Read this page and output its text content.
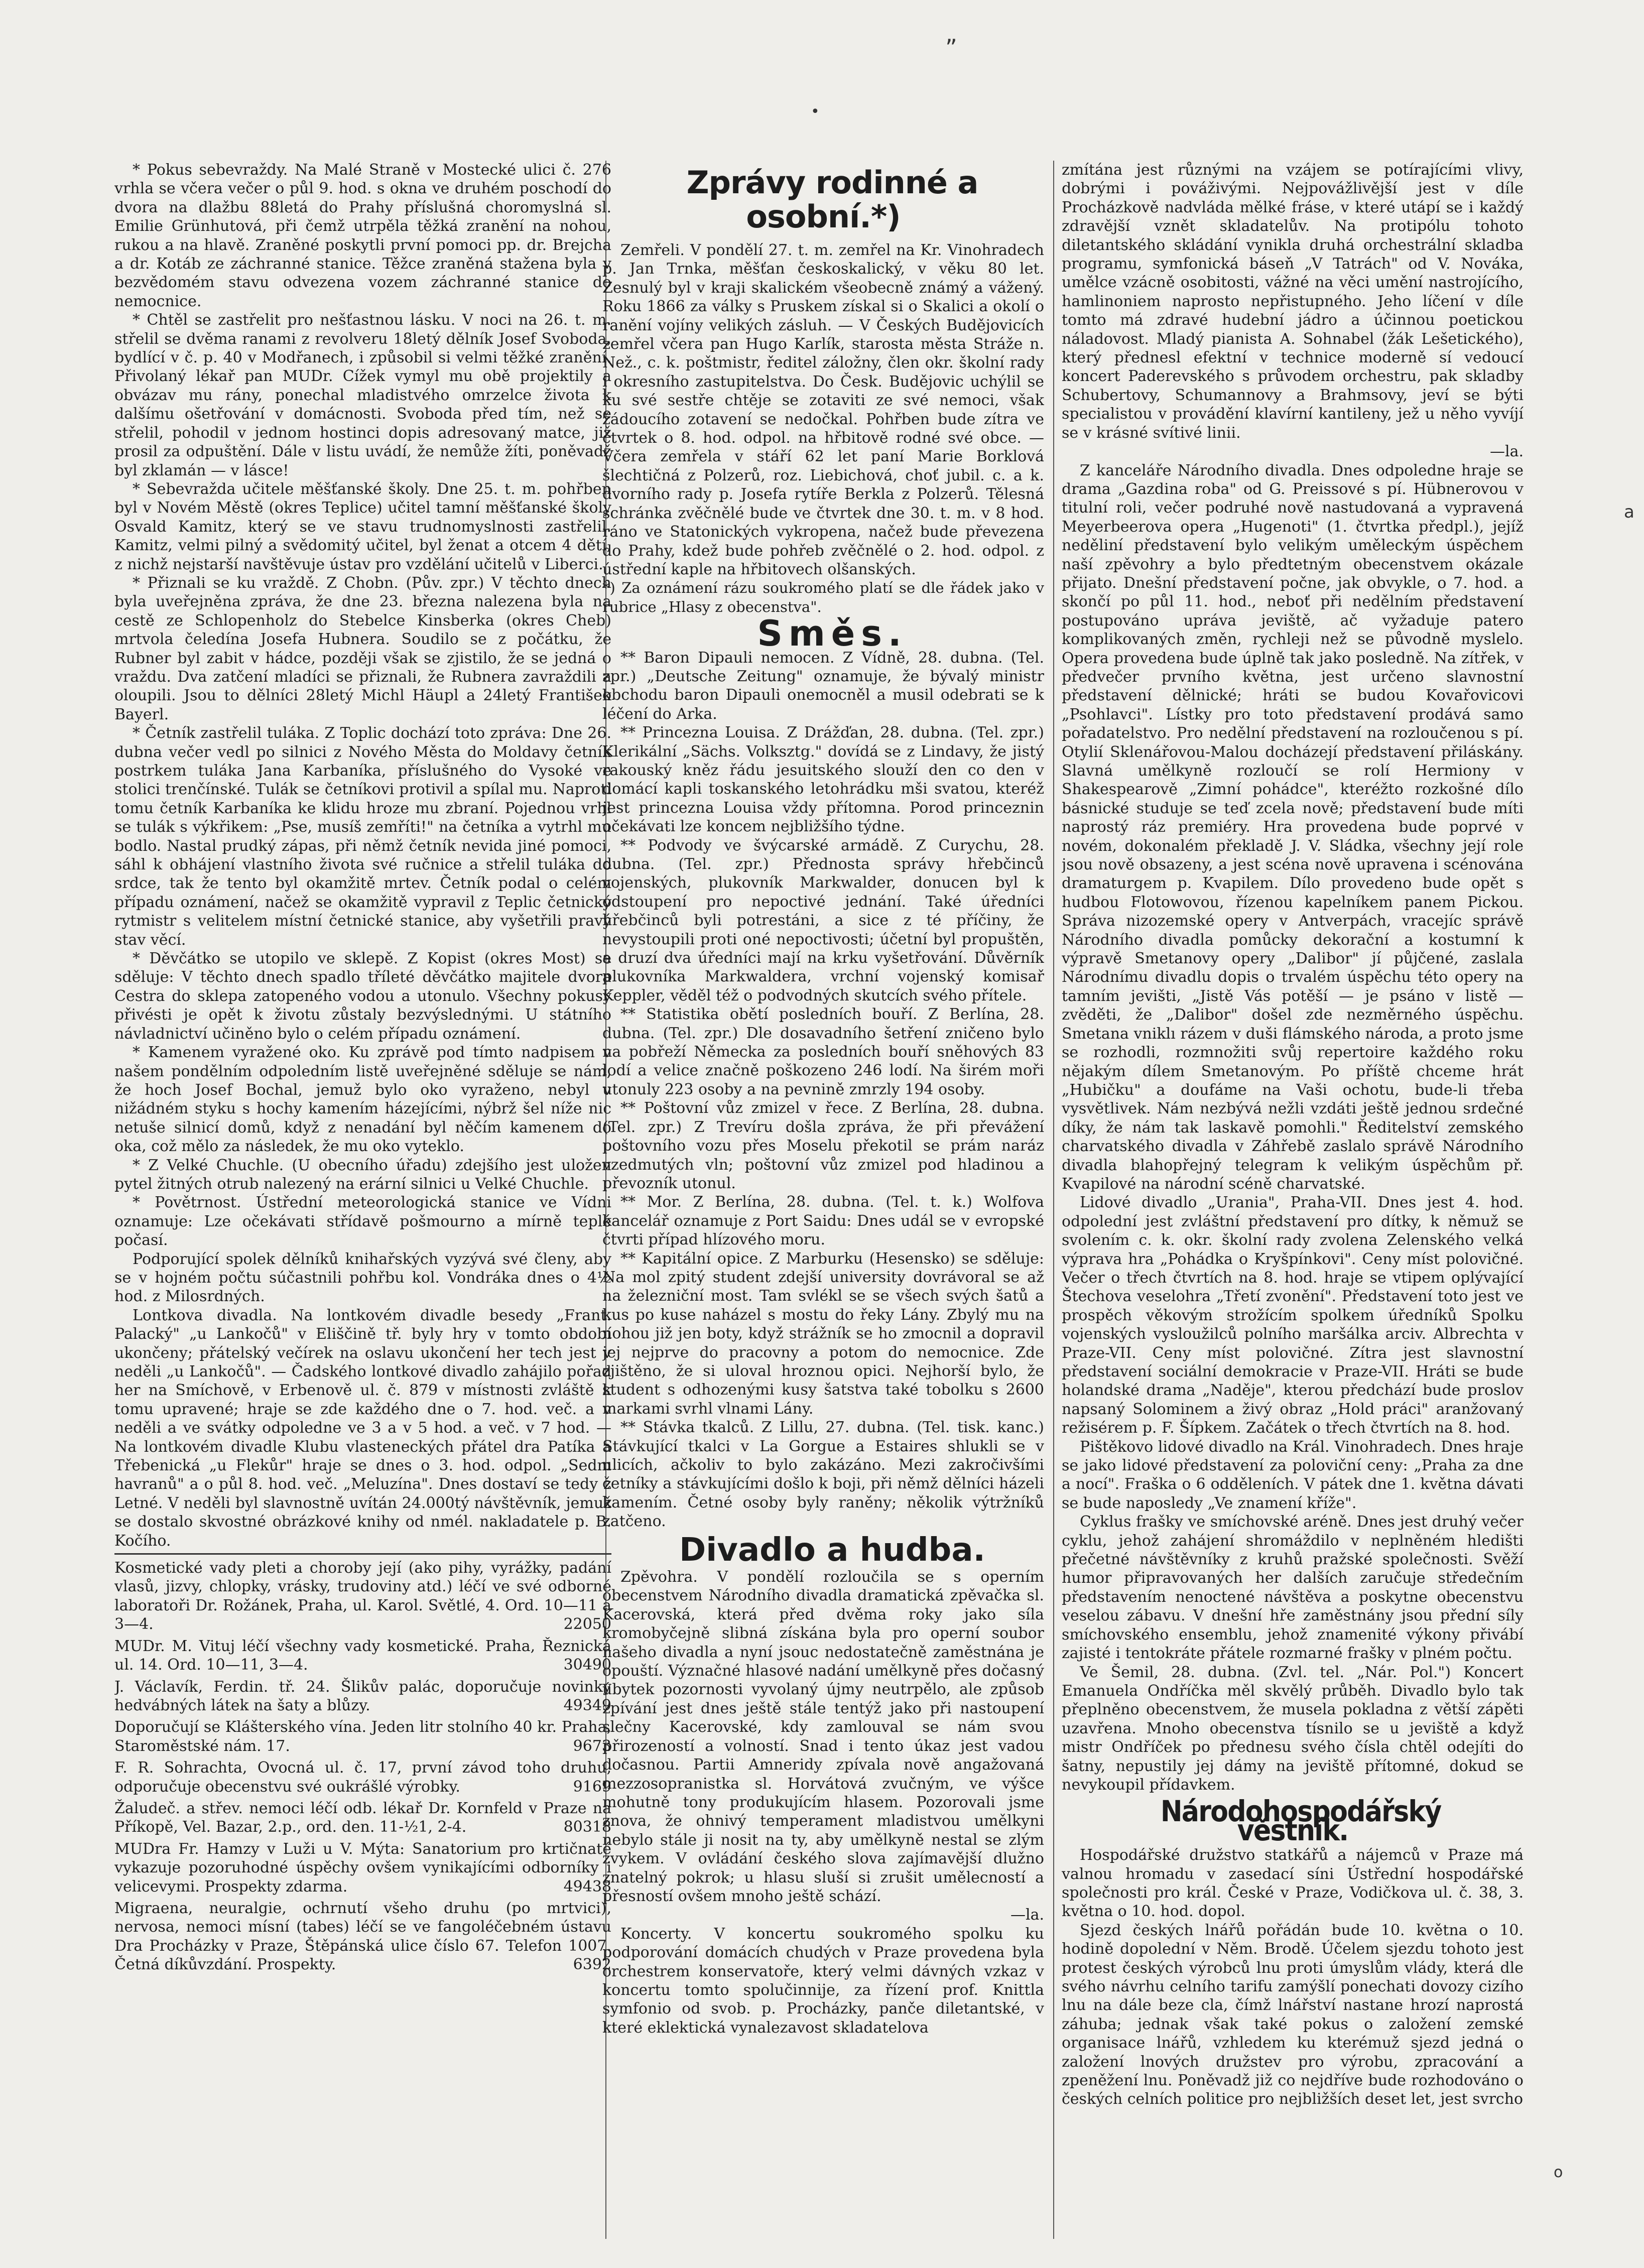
„
•
o
a

* Pokus sebevraždy. Na Malé Straně v Mostecké ulici č. 276 vrhla se včera večer o půl 9. hod. s okna ve druhém poschodí do dvora na dlažbu 88letá do Prahy příslušná choromyslná sl. Emilie Grünhutová, při čemž utrpěla těžká zranění na nohou, rukou a na hlavě. Zraněné poskytli první pomoci pp. dr. Brejcha a dr. Kotáb ze záchranné stanice. Těžce zraněná stažena byla v bezvědomém stavu odvezena vozem záchranné stanice do nemocnice.

* Chtěl se zastřelit pro nešťastnou lásku. V noci na 26. t. m. střelil se dvěma ranami z revolveru 18letý dělník Josef Svoboda, bydlící v č. p. 40 v Modřanech, i způsobil si velmi těžké zranění. Přivolaný lékař pan MUDr. Cížek vymyl mu obě projektily a obvázav mu rány, ponechal mladistvého omrzelce života k dalšímu ošetřování v domácnosti. Svoboda před tím, než se střelil, pohodil v jednom hostinci dopis adresovaný matce, již prosil za odpuštění. Dále v listu uvádí, že nemůže žíti, poněvadž byl zklamán — v lásce!

* Sebevražda učitele měšťanské školy. Dne 25. t. m. pohřben byl v Novém Městě (okres Teplice) učitel tamní měšťanské školy Osvald Kamitz, který se ve stavu trudnomyslnosti zastřelil. Kamitz, velmi pilný a svědomitý učitel, byl ženat a otcem 4 dětí, z nichž nejstarší navštěvuje ústav pro vzdělání učitelů v Liberci.

* Přiznali se ku vraždě. Z Chobn. (Pův. zpr.) V těchto dnech byla uveřejněna zpráva, že dne 23. března nalezena byla na cestě ze Schlopenholz do Stebelce Kinsberka (okres Cheb) mrtvola čeledína Josefa Hubnera. Soudilo se z počátku, že Rubner byl zabit v hádce, později však se zjistilo, že se jedná o vraždu. Dva zatčení mladíci se přiznali, že Rubnera zavraždili a oloupili. Jsou to dělníci 28letý Michl Häupl a 24letý František Bayerl.

* Četník zastřelil tuláka. Z Toplic dochází toto zpráva: Dne 26. dubna večer vedl po silnici z Nového Města do Moldavy četník postrkem tuláka Jana Karbaníka, příslušného do Vysoké ve stolici trenčínské. Tulák se četníkovi protivil a spílal mu. Naproti tomu četník Karbaníka ke klidu hroze mu zbraní. Pojednou vrhl se tulák s výkřikem: „Pse, musíš zemříti!" na četníka a vytrhl mu bodlo. Nastal prudký zápas, při němž četník nevida jiné pomoci, sáhl k obhájení vlastního života své ručnice a střelil tuláka do srdce, tak že tento byl okamžitě mrtev. Četník podal o celém případu oznámení, načež se okamžitě vypravil z Teplic četnický rytmistr s velitelem místní četnické stanice, aby vyšetřili pravý stav věcí.

* Děvčátko se utopilo ve sklepě. Z Kopist (okres Most) se sděluje: V těchto dnech spadlo tříleté děvčátko majitele dvora Cestra do sklepa zatopeného vodou a utonulo. Všechny pokusy přivésti je opět k životu zůstaly bezvýslednými. U státního návladnictví učiněno bylo o celém případu oznámení.

* Kamenem vyražené oko. Ku zprávě pod tímto nadpisem v našem pondělním odpoledním listě uveřejněné sděluje se nám, že hoch Josef Bochal, jemuž bylo oko vyraženo, nebyl v nižádném styku s hochy kamením házejícími, nýbrž šel níže nic netuše silnicí domů, když z nenadání byl něčím kamenem do oka, což mělo za následek, že mu oko vyteklo.

* Z Velké Chuchle. (U obecního úřadu) zdejšího jest uložen pytel žitných otrub nalezený na erární silnici u Velké Chuchle.

* Povětrnost. Ústřední meteorologická stanice ve Vídni oznamuje: Lze očekávati střídavě pošmourno a mírně teplé počasí.

Podporující spolek dělníků knihařských vyzývá své členy, aby se v hojném počtu súčastnili pohřbu kol. Vondráka dnes o 4½ hod. z Milosrdných.

Lontkova divadla. Na lontkovém divadle besedy „Frant. Palacký" „u Lankočů" v Eliščině tř. byly hry v tomto období ukončeny; přátelský večírek na oslavu ukončení her tech jest v neděli „u Lankočů". — Čadského lontkové divadlo zahájilo pořad her na Smíchově, v Erbenově ul. č. 879 v místnosti zvláště k tomu upravené; hraje se zde každého dne o 7. hod. več. a v neděli a ve svátky odpoledne ve 3 a v 5 hod. a več. v 7 hod. — Na lontkovém divadle Klubu vlasteneckých přátel dra Patíka a Třebenická „u Flekůr" hraje se dnes o 3. hod. odpol. „Sedm havranů" a o půl 8. hod. več. „Meluzína". Dnes dostaví se tedy z Letné. V neděli byl slavnostně uvítán 24.000tý návštěvník, jemuž se dostalo skvostné obrázkové knihy od nmél. nakladatele p. B. Kočího.

Kosmetické vady pleti a choroby její (ako pihy, vyrážky, padání vlasů, jizvy, chlopky, vrásky, trudoviny atd.) léčí ve své odborné laboratoři Dr. Rožánek, Praha, ul. Karol. Světlé, 4. Ord. 10—11 a 3—4.	22050

MUDr. M. Vituj léčí všechny vady kosmetické. Praha, Řeznická ul. 14. Ord. 10—11, 3—4.	30490

J. Václavík, Ferdin. tř. 24. Šlikův palác, doporučuje novinky hedvábných látek na šaty a blůzy.	49349

Doporučují se Klášterského vína. Jeden litr stolního 40 kr. Praha, Staroměstské nám. 17.	9673

F. R. Sohrachta, Ovocná ul. č. 17, první závod toho druhu, odporučuje obecenstvu své oukrášlé výrobky.	9169

Žaludeč. a střev. nemoci léčí odb. lékař Dr. Kornfeld v Praze na Příkopě, Vel. Bazar, 2.p., ord. den. 11-½1, 2-4.	80318

MUDra Fr. Hamzy v Luži u V. Mýta: Sanatorium pro krtičnaté vykazuje pozoruhodné úspěchy ovšem vynikajícími odborníky i velicevymi. Prospekty zdarma.	49438

Migraena, neuralgie, ochrnutí všeho druhu (po mrtvici), nervosa, nemoci mísní (tabes) léčí se ve fangoléčebném ústavu Dra Procházky v Praze, Štěpánská ulice číslo 67. Telefon 1007. Četná díkůvzdání. Prospekty.	6392

Zprávy rodinné a osobní.*)

Zemřeli. V pondělí 27. t. m. zemřel na Kr. Vinohradech p. Jan Trnka, měšťan českoskalický, v věku 80 let. Zesnulý byl v kraji skalickém všeobecně známý a vážený. Roku 1866 za války s Pruskem získal si o Skalici a okolí o ranění vojíny velikých zásluh. — V Českých Budějovicích zemřel včera pan Hugo Karlík, starosta města Stráže n. Než., c. k. poštmistr, ředitel záložny, člen okr. školní rady i okresního zastupitelstva. Do Česk. Budějovic uchýlil se ku své sestře chtěje se zotaviti ze své nemoci, však žádoucího zotavení se nedočkal. Pohřben bude zítra ve čtvrtek o 8. hod. odpol. na hřbitově rodné své obce. — Včera zemřela v stáří 62 let paní Marie Borklová šlechtičná z Polzerů, roz. Liebichová, choť jubil. c. a k. dvorního rady p. Josefa rytíře Berkla z Polzerů. Tělesná schránka zvěčnělé bude ve čtvrtek dne 30. t. m. v 8 hod. ráno ve Statonických vykropena, načež bude převezena do Prahy, kdež bude pohřeb zvěčnělé o 2. hod. odpol. z ústřední kaple na hřbitovech olšanských.

*) Za oznámení rázu soukromého platí se dle řádek jako v rubrice „Hlasy z obecenstva".

Směs.

** Baron Dipauli nemocen. Z Vídně, 28. dubna. (Tel. zpr.) „Deutsche Zeitung" oznamuje, že bývalý ministr obchodu baron Dipauli onemocněl a musil odebrati se k léčení do Arka.

** Princezna Louisa. Z Drážďan, 28. dubna. (Tel. zpr.) Klerikální „Sächs. Volksztg." dovídá se z Lindavy, že jistý rakouský kněz řádu jesuitského slouží den co den v domácí kapli toskanského letohrádku mši svatou, kteréž jest princezna Louisa vždy přítomna. Porod princeznin očekávati lze koncem nejbližšího týdne.

** Podvody ve švýcarské armádě. Z Curychu, 28. dubna. (Tel. zpr.) Přednosta správy hřebčinců vojenských, plukovník Markwalder, donucen byl k odstoupení pro nepoctivé jednání. Také úředníci hřebčinců byli potrestáni, a sice z té příčiny, že nevystoupili proti oné nepoctivosti; účetní byl propuštěn, a druzí dva úředníci mají na krku vyšetřování. Důvěrník plukovníka Markwaldera, vrchní vojenský komisař Keppler, věděl též o podvodných skutcích svého přítele.

** Statistika obětí posledních bouří. Z Berlína, 28. dubna. (Tel. zpr.) Dle dosavadního šetření zničeno bylo na pobřeží Německa za posledních bouří sněhových 83 lodí a velice značně poškozeno 246 lodí. Na širém moři utonuly 223 osoby a na pevnině zmrzly 194 osoby.

** Poštovní vůz zmizel v řece. Z Berlína, 28. dubna. (Tel. zpr.) Z Trevíru došla zpráva, že při převážení poštovního vozu přes Moselu překotil se prám naráz vzedmutých vln; poštovní vůz zmizel pod hladinou a převozník utonul.

** Mor. Z Berlína, 28. dubna. (Tel. t. k.) Wolfova kancelář oznamuje z Port Saidu: Dnes udál se v evropské čtvrti případ hlízového moru.

** Kapitální opice. Z Marburku (Hesensko) se sděluje: Na mol zpitý student zdejší university dovrávoral se až na železniční most. Tam svlékl se se všech svých šatů a kus po kuse naházel s mostu do řeky Lány. Zbylý mu na nohou již jen boty, když strážník se ho zmocnil a dopravil jej nejprve do pracovny a potom do nemocnice. Zde zjištěno, že si uloval hroznou opici. Nejhorší bylo, že student s odhozenými kusy šatstva také tobolku s 2600 markami svrhl vlnami Lány.

** Stávka tkalců. Z Lillu, 27. dubna. (Tel. tisk. kanc.) Stávkující tkalci v La Gorgue a Estaires shlukli se v ulicích, ačkoliv to bylo zakázáno. Mezi zakročivšími četníky a stávkujícími došlo k boji, při němž dělníci házeli kamením. Četné osoby byly raněny; několik výtržníků zatčeno.

Divadlo a hudba.

Zpěvohra. V pondělí rozloučila se s operním obecenstvem Národního divadla dramatická zpěvačka sl. Kacerovská, která před dvěma roky jako síla kromobyčejně slibná získána byla pro operní soubor našeho divadla a nyní jsouc nedostatečně zaměstnána je opouští. Význačné hlasové nadání umělkyně přes dočasný úbytek pozornosti vyvolaný újmy neutrpělo, ale způsob zpívání jest dnes ještě stále tentýž jako při nastoupení slečny Kacerovské, kdy zamlouval se nám svou přirozeností a volností. Snad i tento úkaz jest vadou dočasnou. Partii Amneridy zpívala nově angažovaná mezzosopranistka sl. Horvátová zvučným, ve výšce mohutně tony produkujícím hlasem. Pozorovali jsme znova, že ohnivý temperament mladistvou umělkyni nebylo stále ji nosit na ty, aby umělkyně nestal se zlým zvykem. V ovládání českého slova zajímavější dlužno znatelný pokrok; u hlasu sluší si zrušit umělecností a přesností ovšem mnoho ještě schází.

—la.

Koncerty. V koncertu soukromého spolku ku podporování domácích chudých v Praze provedena byla orchestrem konservatoře, který velmi dávných vzkaz v koncertu tomto spolučinnije, za řízení prof. Knittla symfonio od svob. p. Procházky, panče diletantské, v které eklektická vynalezavost skladatelova

zmítána jest různými na vzájem se potírajícími vlivy, dobrými i pováživými. Nejpovážlivější jest v díle Procházkově nadvláda mělké fráse, v které utápí se i každý zdravější vznět skladatelův. Na protipólu tohoto diletantského skládání vynikla druhá orchestrální skladba programu, symfonická báseň „V Tatrách" od V. Nováka, umělce vzácně osobitosti, vážné na věci umění nastrojícího, hamlinoniem naprosto nepřistupného. Jeho líčení v díle tomto má zdravé hudební jádro a účinnou poetickou náladovost. Mladý pianista A. Sohnabel (žák Lešetického), který přednesl efektní v technice moderně sí vedoucí koncert Paderevského s průvodem orchestru, pak skladby Schubertovy, Schumannovy a Brahmsovy, jeví se býti specialistou v provádění klavírní kantileny, jež u něho vyvíjí se v krásné svítivé linii.

—la.

Z kanceláře Národního divadla. Dnes odpoledne hraje se drama „Gazdina roba" od G. Preissové s pí. Hübnerovou v titulní roli, večer podruhé nově nastudovaná a vypravená Meyerbeerova opera „Hugenoti" (1. čtvrtka předpl.), jejíž neděliní představení bylo velikým uměleckým úspěchem naší zpěvohry a bylo předtetným obecenstvem okázale přijato. Dnešní představení počne, jak obvykle, o 7. hod. a skončí po půl 11. hod., neboť při nedělním představení postupováno upráva jeviště, ač vyžaduje patero komplikovaných změn, rychleji než se původně myslelo. Opera provedena bude úplně tak jako posledně. Na zítřek, v předvečer prvního května, jest určeno slavnostní představení dělnické; hráti se budou Kovařovicovi „Psohlavci". Lístky pro toto představení prodává samo pořadatelstvo. Pro nedělní představení na rozloučenou s pí. Otylií Sklenářovou-Malou docházejí představení přiláskány. Slavná umělkyně rozloučí se rolí Hermiony v Shakespearově „Zimní pohádce", kteréžto rozkošné dílo básnické studuje se teď zcela nově; představení bude míti naprostý ráz premiéry. Hra provedena bude poprvé v novém, dokonalém překladě J. V. Sládka, všechny její role jsou nově obsazeny, a jest scéna nově upravena i scénována dramaturgem p. Kvapilem. Dílo provedeno bude opět s hudbou Flotowovou, řízenou kapelníkem panem Pickou. Správa nizozemské opery v Antverpách, vracejíc správě Národního divadla pomůcky dekorační a kostumní k výpravě Smetanovy opery „Dalibor" jí půjčené, zaslala Národnímu divadlu dopis o trvalém úspěchu této opery na tamním jevišti, „Jistě Vás potěší — je psáno v listě — zvěděti, že „Dalibor" došel zde nezměrného úspěchu. Smetana vniklı rázem v duši flámského národa, a proto jsme se rozhodli, rozmnožiti svůj repertoire každého roku nějakým dílem Smetanovým. Po příště chceme hrát „Hubičku" a doufáme na Vaši ochotu, bude-li třeba vysvětlivek. Nám nezbývá nežli vzdáti ještě jednou srdečné díky, že nám tak laskavě pomohli." Ředitelství zemského charvatského divadla v Záhřebě zaslalo správě Národního divadla blahopřejný telegram k velikým úspěchům př. Kvapilové na národní scéně charvatské.

Lidové divadlo „Urania", Praha-VII. Dnes jest 4. hod. odpolední jest zvláštní představení pro dítky, k němuž se svolením c. k. okr. školní rady zvolena Zelenského velká výprava hra „Pohádka o Kryšpínkovi". Ceny míst polovičné. Večer o třech čtvrtích na 8. hod. hraje se vtipem oplývající Štechova veselohra „Třetí zvonění". Představení toto jest ve prospěch věkovým strožícím spolkem úředníků Spolku vojenských vysloužilců polního maršálka arciv. Albrechta v Praze-VII. Ceny míst polovičné. Zítra jest slavnostní představení sociální demokracie v Praze-VII. Hráti se bude holandské drama „Naděje", kterou předchází bude proslov napsaný Solominem a živý obraz „Hold práci" aranžovaný režisérem p. F. Šípkem. Začátek o třech čtvrtích na 8. hod.

Pištěkovo lidové divadlo na Král. Vinohradech. Dnes hraje se jako lidové představení za poloviční ceny: „Praha za dne a nocí". Fraška o 6 odděleních. V pátek dne 1. května dávati se bude naposledy „Ve znamení kříže".

Cyklus frašky ve smíchovské aréně. Dnes jest druhý večer cyklu, jehož zahájení shromáždilo v neplněném hledišti přečetné návštěvníky z kruhů pražské společnosti. Svěží humor připravovaných her dalších zaručuje středečním představením nenoctené návštěva a poskytne obecenstvu veselou zábavu. V dnešní hře zaměstnány jsou přední síly smíchovského ensemblu, jehož znamenité výkony přivábí zajisté i tentokráte přátele rozmarné frašky v plném počtu.

Ve Šemil, 28. dubna. (Zvl. tel. „Nár. Pol.") Koncert Emanuela Ondříčka měl skvělý průběh. Divadlo bylo tak přeplněno obecenstvem, že musela pokladna z větší zápěti uzavřena. Mnoho obecenstva tísnilo se u jeviště a když mistr Ondříček po přednesu svého čísla chtěl odejíti do šatny, nepustily jej dámy na jeviště přítomné, dokud se nevykoupil přídavkem.

Národohospodářský věstník.

Hospodářské družstvo statkářů a nájemců v Praze má valnou hromadu v zasedací síni Ústřední hospodářské společnosti pro král. České v Praze, Vodičkova ul. č. 38, 3. května o 10. hod. dopol.

Sjezd českých lnářů pořádán bude 10. května o 10. hodině dopolední v Něm. Brodě. Účelem sjezdu tohoto jest protest českých výrobců lnu proti úmyslům vlády, která dle svého návrhu celního tarifu zamýšlí ponechati dovozy cizího lnu na dále beze cla, čímž lnářství nastane hrozí naprostá záhuba; jednak však také pokus o založení zemské organisace lnářů, vzhledem ku kterémuž sjezd jedná o založení lnových družstev pro výrobu, zpracování a zpeněžení lnu. Poněvadž již co nejdříve bude rozhodováno o českých celních politice pro nejbližších deset let, jest svrcho
